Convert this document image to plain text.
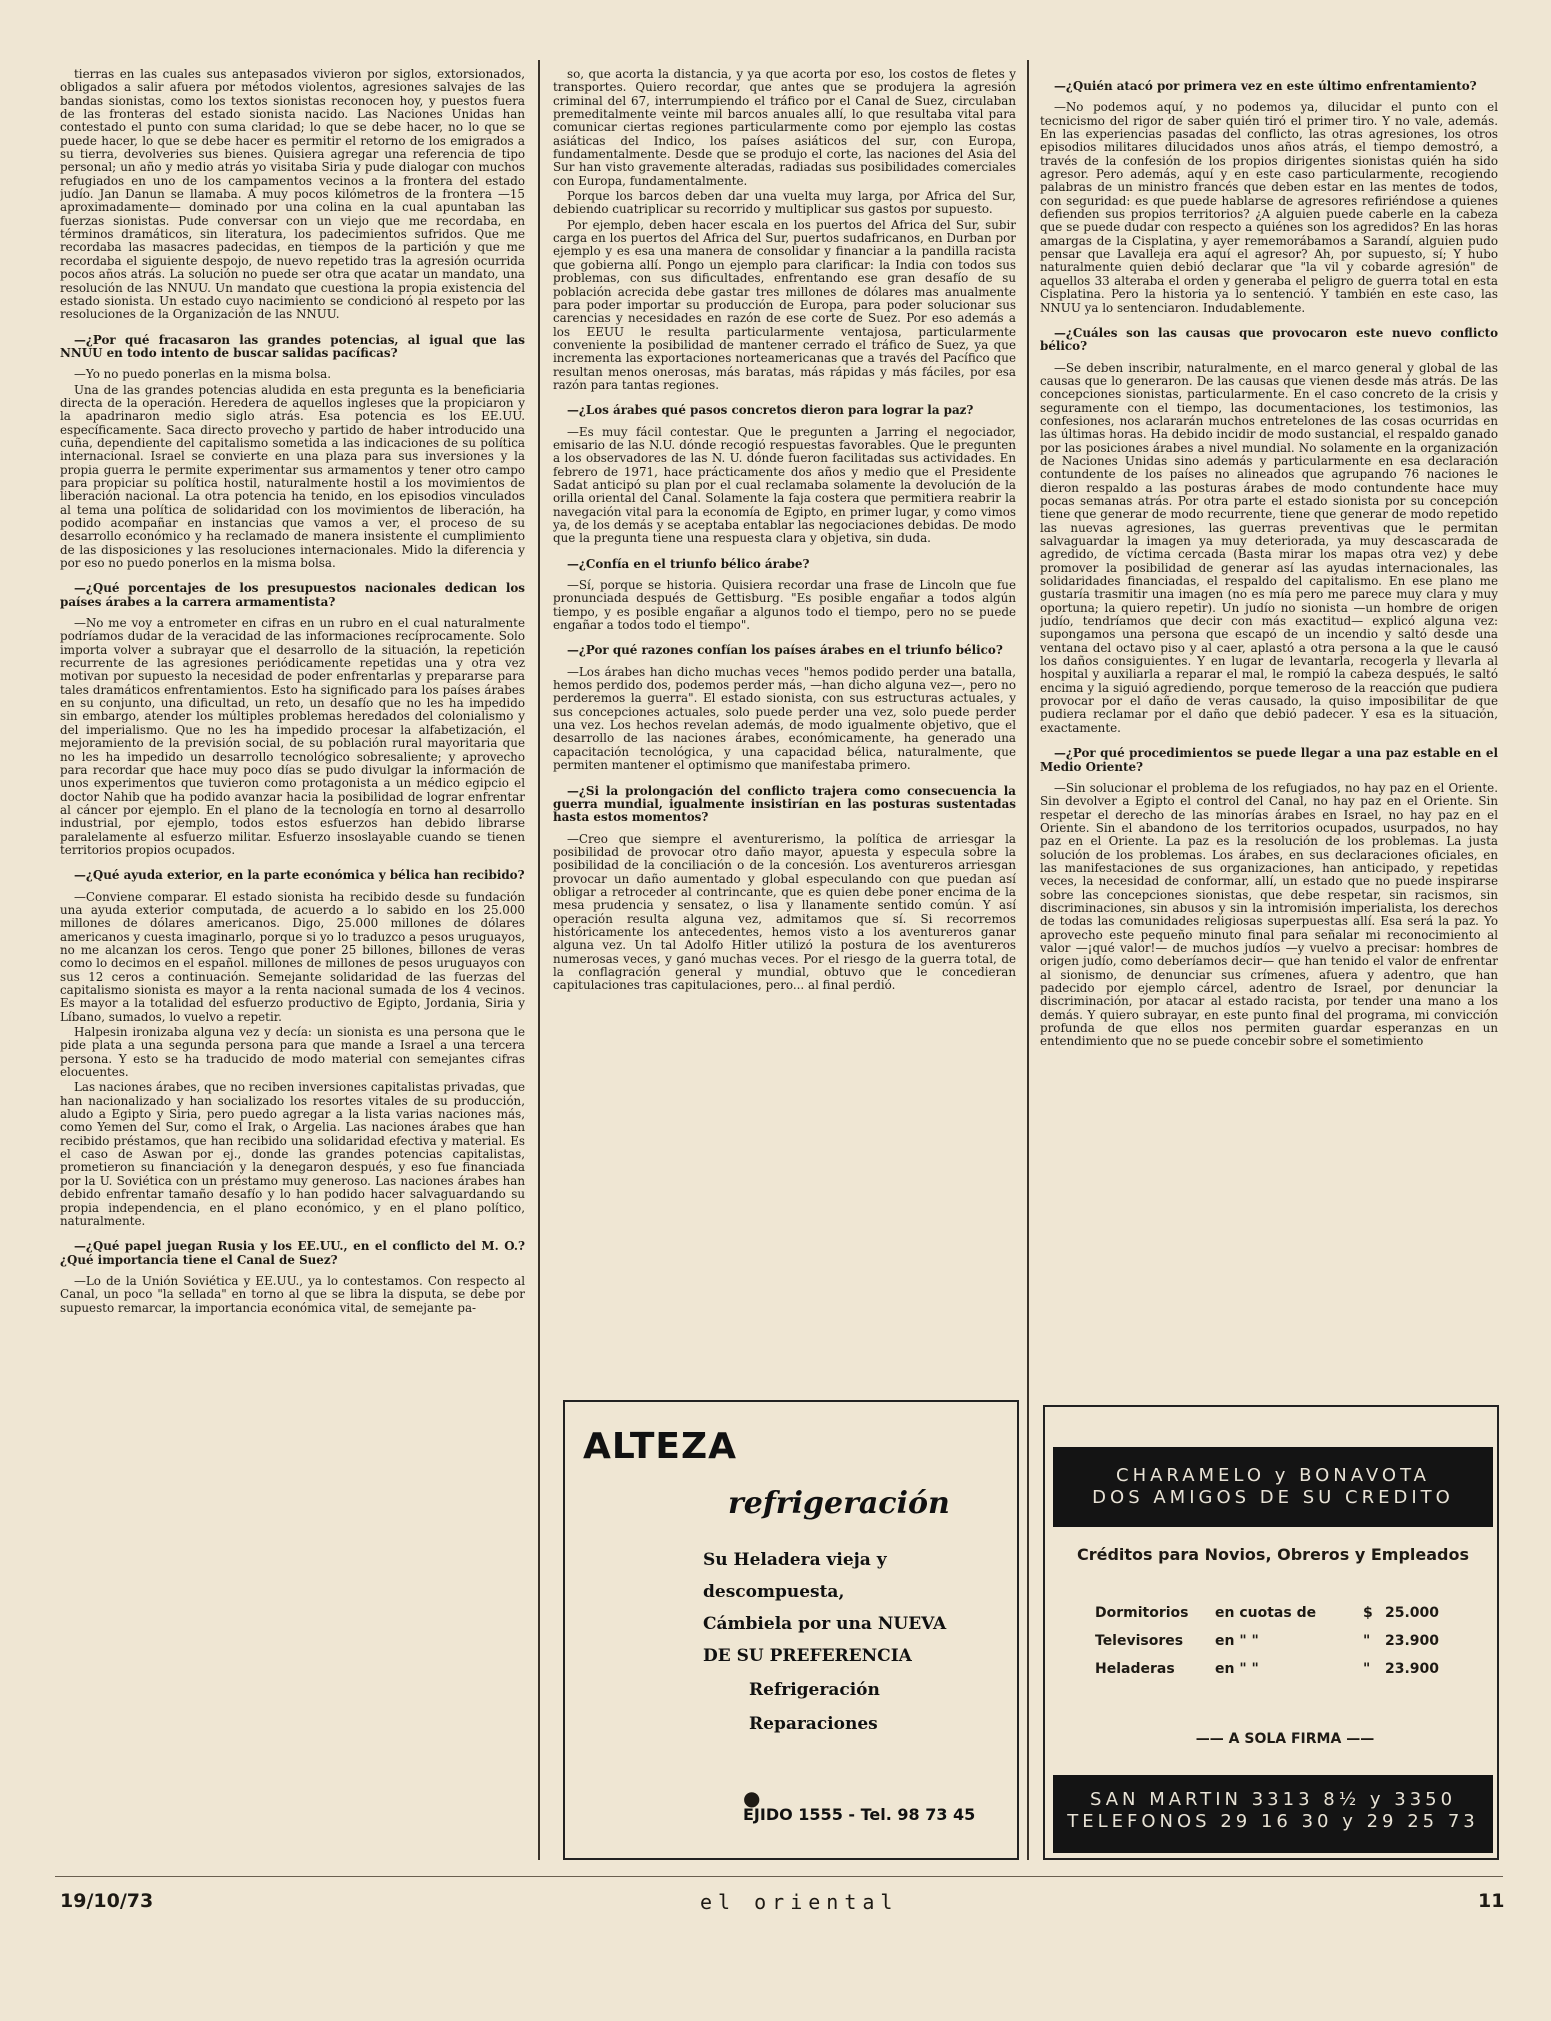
tierras en las cuales sus antepasados vivieron por siglos, extorsionados, obligados a salir afuera por métodos violentos, agresiones salvajes de las bandas sionistas, como los textos sionistas reconocen hoy, y puestos fuera de las fronteras del estado sionista nacido. Las Naciones Unidas han contestado el punto con suma claridad; lo que se debe hacer, no lo que se puede hacer, lo que se debe hacer es permitir el retorno de los emigrados a su tierra, devolveries sus bienes. Quisiera agregar una referencia de tipo personal; un año y medio atrás yo visitaba Siria y pude dialogar con muchos refugiados en uno de los campamentos vecinos a la frontera del estado judío. Jan Danun se llamaba. A muy pocos kilómetros de la frontera —15 aproximadamente— dominado por una colina en la cual apuntaban las fuerzas sionistas. Pude conversar con un viejo que me recordaba, en términos dramáticos, sin literatura, los padecimientos sufridos. Que me recordaba las masacres padecidas, en tiempos de la partición y que me recordaba el siguiente despojo, de nuevo repetido tras la agresión ocurrida pocos años atrás. La solución no puede ser otra que acatar un mandato, una resolución de las NNUU. Un mandato que cuestiona la propia existencia del estado sionista. Un estado cuyo nacimiento se condicionó al respeto por las resoluciones de la Organización de las NNUU.

—¿Por qué fracasaron las grandes potencias, al igual que las NNUU en todo intento de buscar salidas pacíficas?

—Yo no puedo ponerlas en la misma bolsa.

Una de las grandes potencias aludida en esta pregunta es la beneficiaria directa de la operación. Heredera de aquellos ingleses que la propiciaron y la apadrinaron medio siglo atrás. Esa potencia es los EE.UU. específicamente. Saca directo provecho y partido de haber introducido una cuña, dependiente del capitalismo sometida a las indicaciones de su política internacional. Israel se convierte en una plaza para sus inversiones y la propia guerra le permite experimentar sus armamentos y tener otro campo para propiciar su política hostil, naturalmente hostil a los movimientos de liberación nacional. La otra potencia ha tenido, en los episodios vinculados al tema una política de solidaridad con los movimientos de liberación, ha podido acompañar en instancias que vamos a ver, el proceso de su desarrollo económico y ha reclamado de manera insistente el cumplimiento de las disposiciones y las resoluciones internacionales. Mido la diferencia y por eso no puedo ponerlos en la misma bolsa.

—¿Qué porcentajes de los presupuestos nacionales dedican los países árabes a la carrera armamentista?

—No me voy a entrometer en cifras en un rubro en el cual naturalmente podríamos dudar de la veracidad de las informaciones recíprocamente. Solo importa volver a subrayar que el desarrollo de la situación, la repetición recurrente de las agresiones periódicamente repetidas una y otra vez motivan por supuesto la necesidad de poder enfrentarlas y prepararse para tales dramáticos enfrentamientos. Esto ha significado para los países árabes en su conjunto, una dificultad, un reto, un desafío que no les ha impedido sin embargo, atender los múltiples problemas heredados del colonialismo y del imperialismo. Que no les ha impedido procesar la alfabetización, el mejoramiento de la previsión social, de su población rural mayoritaria que no les ha impedido un desarrollo tecnológico sobresaliente; y aprovecho para recordar que hace muy poco días se pudo divulgar la información de unos experimentos que tuvieron como protagonista a un médico egipcio el doctor Nahib que ha podido avanzar hacia la posibilidad de lograr enfrentar al cáncer por ejemplo. En el plano de la tecnología en torno al desarrollo industrial, por ejemplo, todos estos esfuerzos han debido librarse paralelamente al esfuerzo militar. Esfuerzo insoslayable cuando se tienen territorios propios ocupados.

—¿Qué ayuda exterior, en la parte económica y bélica han recibido?

—Conviene comparar. El estado sionista ha recibido desde su fundación una ayuda exterior computada, de acuerdo a lo sabido en los 25.000 millones de dólares americanos. Digo, 25.000 millones de dólares americanos y cuesta imaginarlo, porque si yo lo traduzco a pesos uruguayos, no me alcanzan los ceros. Tengo que poner 25 billones, billones de veras como lo decimos en el español. millones de millones de pesos uruguayos con sus 12 ceros a continuación. Semejante solidaridad de las fuerzas del capitalismo sionista es mayor a la renta nacional sumada de los 4 vecinos. Es mayor a la totalidad del esfuerzo productivo de Egipto, Jordania, Siria y Líbano, sumados, lo vuelvo a repetir.

Halpesin ironizaba alguna vez y decía: un sionista es una persona que le pide plata a una segunda persona para que mande a Israel a una tercera persona. Y esto se ha traducido de modo material con semejantes cifras elocuentes.

Las naciones árabes, que no reciben inversiones capitalistas privadas, que han nacionalizado y han socializado los resortes vitales de su producción, aludo a Egipto y Siria, pero puedo agregar a la lista varias naciones más, como Yemen del Sur, como el Irak, o Argelia. Las naciones árabes que han recibido préstamos, que han recibido una solidaridad efectiva y material. Es el caso de Aswan por ej., donde las grandes potencias capitalistas, prometieron su financiación y la denegaron después, y eso fue financiada por la U. Soviética con un préstamo muy generoso. Las naciones árabes han debido enfrentar tamaño desafío y lo han podido hacer salvaguardando su propia independencia, en el plano económico, y en el plano político, naturalmente.

—¿Qué papel juegan Rusia y los EE.UU., en el conflicto del M. O.? ¿Qué importancia tiene el Canal de Suez?

—Lo de la Unión Soviética y EE.UU., ya lo contestamos. Con respecto al Canal, un poco "la sellada" en torno al que se libra la disputa, se debe por supuesto remarcar, la importancia económica vital, de semejante pa-

so, que acorta la distancia, y ya que acorta por eso, los costos de fletes y transportes. Quiero recordar, que antes que se produjera la agresión criminal del 67, interrumpiendo el tráfico por el Canal de Suez, circulaban premeditalmente veinte mil barcos anuales allí, lo que resultaba vital para comunicar ciertas regiones particularmente como por ejemplo las costas asiáticas del Indico, los países asiáticos del sur, con Europa, fundamentalmente. Desde que se produjo el corte, las naciones del Asia del Sur han visto gravemente alteradas, radiadas sus posibilidades comerciales con Europa, fundamentalmente.

Porque los barcos deben dar una vuelta muy larga, por Africa del Sur, debiendo cuatriplicar su recorrido y multiplicar sus gastos por supuesto.

Por ejemplo, deben hacer escala en los puertos del Africa del Sur, subir carga en los puertos del Africa del Sur, puertos sudafricanos, en Durban por ejemplo y es esa una manera de consolidar y financiar a la pandilla racista que gobierna allí. Pongo un ejemplo para clarificar: la India con todos sus problemas, con sus dificultades, enfrentando ese gran desafío de su población acrecida debe gastar tres millones de dólares mas anualmente para poder importar su producción de Europa, para poder solucionar sus carencias y necesidades en razón de ese corte de Suez. Por eso además a los EEUU le resulta particularmente ventajosa, particularmente conveniente la posibilidad de mantener cerrado el tráfico de Suez, ya que incrementa las exportaciones norteamericanas que a través del Pacífico que resultan menos onerosas, más baratas, más rápidas y más fáciles, por esa razón para tantas regiones.

—¿Los árabes qué pasos concretos dieron para lograr la paz?

—Es muy fácil contestar. Que le pregunten a Jarring el negociador, emisario de las N.U. dónde recogió respuestas favorables. Que le pregunten a los observadores de las N. U. dónde fueron facilitadas sus actividades. En febrero de 1971, hace prácticamente dos años y medio que el Presidente Sadat anticipó su plan por el cual reclamaba solamente la devolución de la orilla oriental del Canal. Solamente la faja costera que permitiera reabrir la navegación vital para la economía de Egipto, en primer lugar, y como vimos ya, de los demás y se aceptaba entablar las negociaciones debidas. De modo que la pregunta tiene una respuesta clara y objetiva, sin duda.

—¿Confía en el triunfo bélico árabe?

—Sí, porque se historia. Quisiera recordar una frase de Lincoln que fue pronunciada después de Gettisburg. "Es posible engañar a todos algún tiempo, y es posible engañar a algunos todo el tiempo, pero no se puede engañar a todos todo el tiempo".

—¿Por qué razones confían los países árabes en el triunfo bélico?

—Los árabes han dicho muchas veces "hemos podido perder una batalla, hemos perdido dos, podemos perder más, —han dicho alguna vez—, pero no perderemos la guerra". El estado sionista, con sus estructuras actuales, y sus concepciones actuales, solo puede perder una vez, solo puede perder una vez. Los hechos revelan además, de modo igualmente objetivo, que el desarrollo de las naciones árabes, económicamente, ha generado una capacitación tecnológica, y una capacidad bélica, naturalmente, que permiten mantener el optimismo que manifestaba primero.

—¿Si la prolongación del conflicto trajera como consecuencia la guerra mundial, igualmente insistirían en las posturas sustentadas hasta estos momentos?

—Creo que siempre el aventurerismo, la política de arriesgar la posibilidad de provocar otro daño mayor, apuesta y especula sobre la posibilidad de la conciliación o de la concesión. Los aventureros arriesgan provocar un daño aumentado y global especulando con que puedan así obligar a retroceder al contrincante, que es quien debe poner encima de la mesa prudencia y sensatez, o lisa y llanamente sentido común. Y así operación resulta alguna vez, admitamos que sí. Si recorremos históricamente los antecedentes, hemos visto a los aventureros ganar alguna vez. Un tal Adolfo Hitler utilizó la postura de los aventureros numerosas veces, y ganó muchas veces. Por el riesgo de la guerra total, de la conflagración general y mundial, obtuvo que le concedieran capitulaciones tras capitulaciones, pero... al final perdió.

—¿Quién atacó por primera vez en este último enfrentamiento?

—No podemos aquí, y no podemos ya, dilucidar el punto con el tecnicismo del rigor de saber quién tiró el primer tiro. Y no vale, además. En las experiencias pasadas del conflicto, las otras agresiones, los otros episodios militares dilucidados unos años atrás, el tiempo demostró, a través de la confesión de los propios dirigentes sionistas quién ha sido agresor. Pero además, aquí y en este caso particularmente, recogiendo palabras de un ministro francés que deben estar en las mentes de todos, con seguridad: es que puede hablarse de agresores refiriéndose a quienes defienden sus propios territorios? ¿A alguien puede caberle en la cabeza que se puede dudar con respecto a quiénes son los agredidos? En las horas amargas de la Cisplatina, y ayer rememorábamos a Sarandí, alguien pudo pensar que Lavalleja era aquí el agresor? Ah, por supuesto, sí; Y hubo naturalmente quien debió declarar que "la vil y cobarde agresión" de aquellos 33 alteraba el orden y generaba el peligro de guerra total en esta Cisplatina. Pero la historia ya lo sentenció. Y también en este caso, las NNUU ya lo sentenciaron. Indudablemente.

—¿Cuáles son las causas que provocaron este nuevo conflicto bélico?

—Se deben inscribir, naturalmente, en el marco general y global de las causas que lo generaron. De las causas que vienen desde más atrás. De las concepciones sionistas, particularmente. En el caso concreto de la crisis y seguramente con el tiempo, las documentaciones, los testimonios, las confesiones, nos aclararán muchos entretelones de las cosas ocurridas en las últimas horas. Ha debido incidir de modo sustancial, el respaldo ganado por las posiciones árabes a nivel mundial. No solamente en la organización de Naciones Unidas sino además y particularmente en esa declaración contundente de los países no alineados que agrupando 76 naciones le dieron respaldo a las posturas árabes de modo contundente hace muy pocas semanas atrás. Por otra parte el estado sionista por su concepción tiene que generar de modo recurrente, tiene que generar de modo repetido las nuevas agresiones, las guerras preventivas que le permitan salvaguardar la imagen ya muy deteriorada, ya muy descascarada de agredido, de víctima cercada (Basta mirar los mapas otra vez) y debe promover la posibilidad de generar así las ayudas internacionales, las solidaridades financiadas, el respaldo del capitalismo. En ese plano me gustaría trasmitir una imagen (no es mía pero me parece muy clara y muy oportuna; la quiero repetir). Un judío no sionista —un hombre de origen judío, tendríamos que decir con más exactitud— explicó alguna vez: supongamos una persona que escapó de un incendio y saltó desde una ventana del octavo piso y al caer, aplastó a otra persona a la que le causó los daños consiguientes. Y en lugar de levantarla, recogerla y llevarla al hospital y auxiliarla a reparar el mal, le rompió la cabeza después, le saltó encima y la siguió agrediendo, porque temeroso de la reacción que pudiera provocar por el daño de veras causado, la quiso imposibilitar de que pudiera reclamar por el daño que debió padecer. Y esa es la situación, exactamente.

—¿Por qué procedimientos se puede llegar a una paz estable en el Medio Oriente?

—Sin solucionar el problema de los refugiados, no hay paz en el Oriente. Sin devolver a Egipto el control del Canal, no hay paz en el Oriente. Sin respetar el derecho de las minorías árabes en Israel, no hay paz en el Oriente. Sin el abandono de los territorios ocupados, usurpados, no hay paz en el Oriente. La paz es la resolución de los problemas. La justa solución de los problemas. Los árabes, en sus declaraciones oficiales, en las manifestaciones de sus organizaciones, han anticipado, y repetidas veces, la necesidad de conformar, allí, un estado que no puede inspirarse sobre las concepciones sionistas, que debe respetar, sin racismos, sin discriminaciones, sin abusos y sin la intromisión imperialista, los derechos de todas las comunidades religiosas superpuestas allí. Esa será la paz. Yo aprovecho este pequeño minuto final para señalar mi reconocimiento al valor —¡qué valor!— de muchos judíos —y vuelvo a precisar: hombres de origen judío, como deberíamos decir— que han tenido el valor de enfrentar al sionismo, de denunciar sus crímenes, afuera y adentro, que han padecido por ejemplo cárcel, adentro de Israel, por denunciar la discriminación, por atacar al estado racista, por tender una mano a los demás. Y quiero subrayar, en este punto final del programa, mi convicción profunda de que ellos nos permiten guardar esperanzas en un entendimiento que no se puede concebir sobre el sometimiento

ALTEZA
refrigeración
Su Heladera vieja y
descompuesta,
Cámbiela por una NUEVA
DE SU PREFERENCIA
Refrigeración
Reparaciones
●
EJIDO 1555 - Tel. 98 73 45
CHARAMELO y BONAVOTA
DOS AMIGOS DE SU CREDITO
Créditos para Novios, Obreros y Empleados
Dormitorios en cuotas de	$ 25.000
Televisores en " "	" 23.900
Heladeras	en " "	" 23.900
—— A SOLA FIRMA ——
SAN MARTIN 3313 8½ y 3350
TELEFONOS 29 16 30 y 29 25 73
19/10/73	el oriental	11
